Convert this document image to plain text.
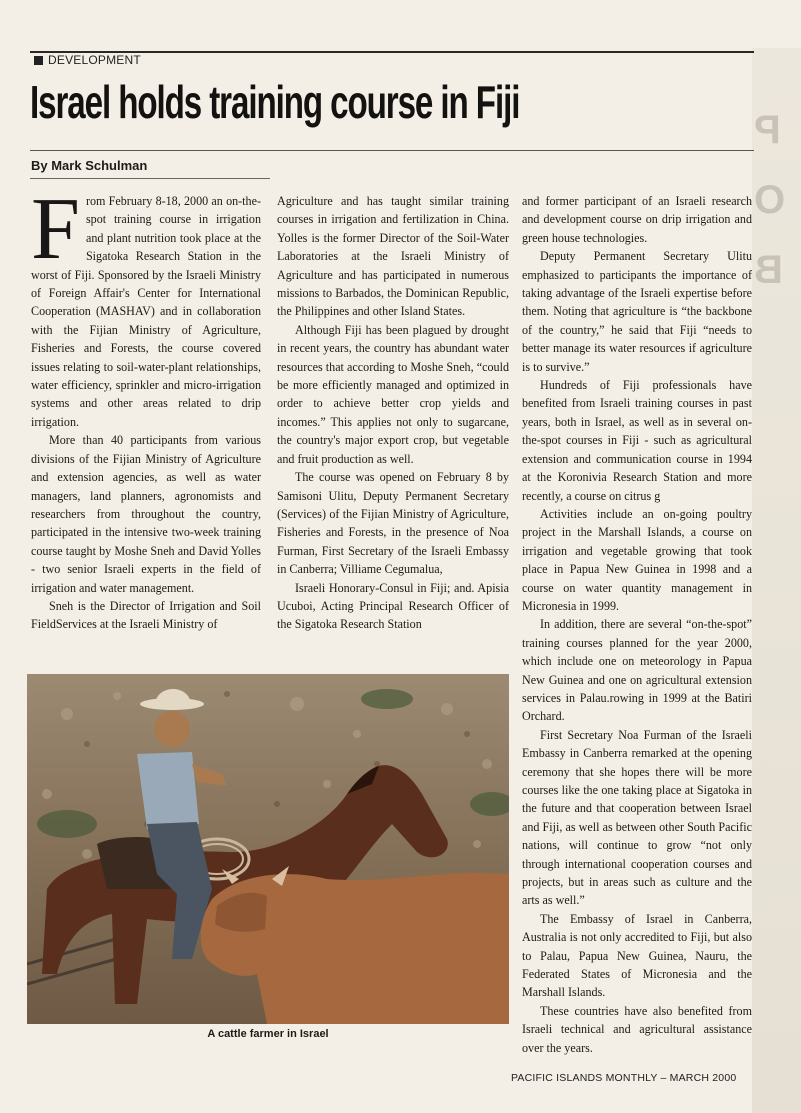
P
O
B
DEVELOPMENT
Israel holds training course in Fiji
By Mark Schulman

From February 8-18, 2000 an on-the-spot training course in irrigation and plant nutrition took place at the Sigatoka Research Station in the worst of Fiji. Sponsored by the Israeli Ministry of Foreign Affair's Center for International Cooperation (MASHAV) and in collaboration with the Fijian Ministry of Agriculture, Fisheries and Forests, the course covered issues relating to soil-water-plant relationships, water efficiency, sprinkler and micro-irrigation systems and other areas related to drip irrigation.

More than 40 participants from various divisions of the Fijian Ministry of Agriculture and extension agencies, as well as water managers, land planners, agronomists and researchers from throughout the country, participated in the intensive two-week training course taught by Moshe Sneh and David Yolles - two senior Israeli experts in the field of irrigation and water management.

Sneh is the Director of Irrigation and Soil FieldServices at the Israeli Ministry of

Agriculture and has taught similar training courses in irrigation and fertilization in China. Yolles is the former Director of the Soil-Water Laboratories at the Israeli Ministry of Agriculture and has participated in numerous missions to Barbados, the Dominican Republic, the Philippines and other Island States.

Although Fiji has been plagued by drought in recent years, the country has abundant water resources that according to Moshe Sneh, “could be more efficiently managed and optimized in order to achieve better crop yields and incomes.” This applies not only to sugarcane, the country's major export crop, but vegetable and fruit production as well.

The course was opened on February 8 by Samisoni Ulitu, Deputy Permanent Secretary (Services) of the Fijian Ministry of Agriculture, Fisheries and Forests, in the presence of Noa Furman, First Secretary of the Israeli Embassy in Canberra; Villiame Cegumalua,

Israeli Honorary-Consul in Fiji; and. Apisia Ucuboi, Acting Principal Research Officer of the Sigatoka Research Station

and former participant of an Israeli research and development course on drip irrigation and green house technologies.

Deputy Permanent Secretary Ulitu emphasized to participants the importance of taking advantage of the Israeli expertise before them. Noting that agriculture is “the backbone of the country,” he said that Fiji “needs to better manage its water resources if agriculture is to survive.”

Hundreds of Fiji professionals have benefited from Israeli training courses in past years, both in Israel, as well as in several on-the-spot courses in Fiji - such as agricultural extension and communication course in 1994 at the Koronivia Research Station and more recently, a course on citrus g

Activities include an on-going poultry project in the Marshall Islands, a course on irrigation and vegetable growing that took place in Papua New Guinea in 1998 and a course on water quantity management in Micronesia in 1999.

In addition, there are several “on-the-spot” training courses planned for the year 2000, which include one on meteorology in Papua New Guinea and one on agricultural extension services in Palau.rowing in 1999 at the Batiri Orchard.

First Secretary Noa Furman of the Israeli Embassy in Canberra remarked at the opening ceremony that she hopes there will be more courses like the one taking place at Sigatoka in the future and that cooperation between Israel and Fiji, as well as between other South Pacific nations, will continue to grow “not only through international cooperation courses and projects, but in areas such as culture and the arts as well.”

The Embassy of Israel in Canberra, Australia is not only accredited to Fiji, but also to Palau, Papua New Guinea, Nauru, the Federated States of Micronesia and the Marshall Islands.

These countries have also benefited from Israeli technical and agricultural assistance over the years.

A cattle farmer in Israel
PACIFIC ISLANDS MONTHLY – MARCH 2000
